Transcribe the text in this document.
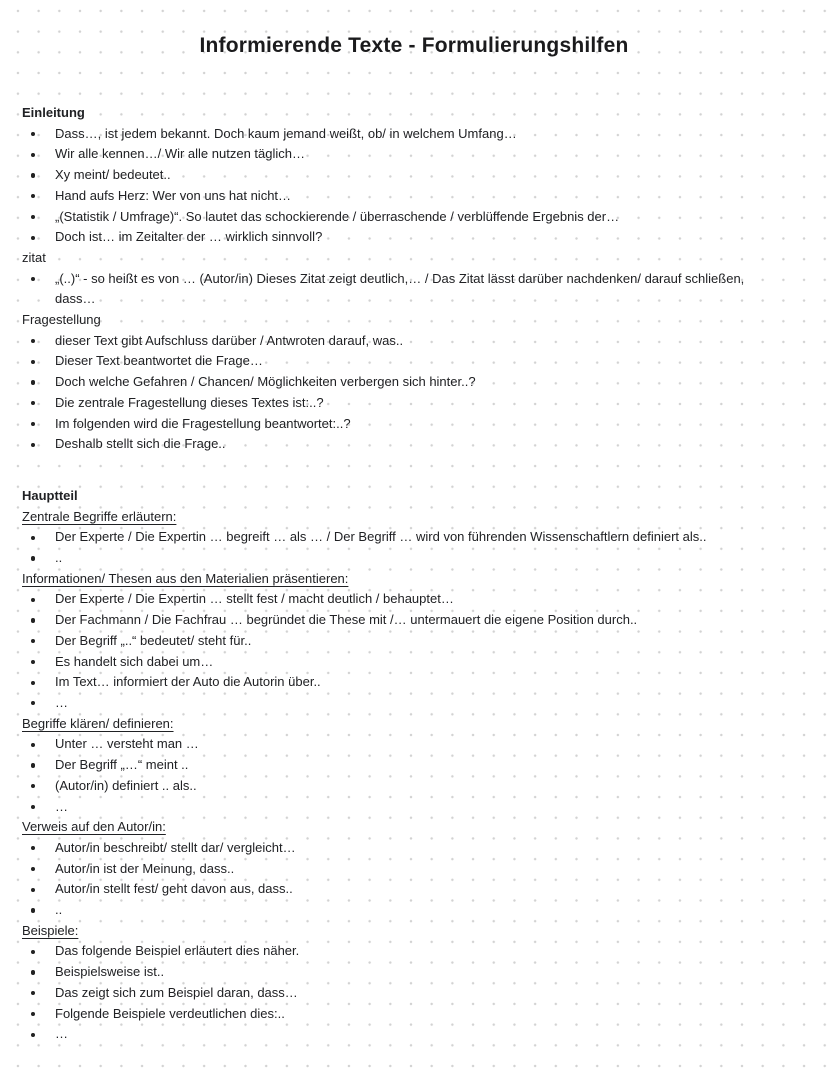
Informierende Texte - Formulierungshilfen
Einleitung
Dass…, ist jedem bekannt. Doch kaum jemand weißt, ob/ in welchem Umfang…
Wir alle kennen…/ Wir alle nutzen täglich…
Xy meint/ bedeutet..
Hand aufs Herz: Wer von uns hat nicht…
„(Statistik / Umfrage)“. So lautet das schockierende / überraschende / verblüffende Ergebnis der…
Doch ist… im Zeitalter der … wirklich sinnvoll?
zitat
„(..)“ - so heißt es von … (Autor/in) Dieses Zitat zeigt deutlich,… / Das Zitat lässt darüber nachdenken/ darauf schließen, dass…
Fragestellung
dieser Text gibt Aufschluss darüber / Antwroten darauf, was..
Dieser Text beantwortet die Frage…
Doch welche Gefahren / Chancen/ Möglichkeiten verbergen sich hinter..?
Die zentrale Fragestellung dieses Textes ist:..?
Im folgenden wird die Fragestellung beantwortet:..?
Deshalb stellt sich die Frage..
Hauptteil
Zentrale Begriffe erläutern:
Der Experte / Die Expertin … begreift … als … / Der Begriff … wird von führenden Wissenschaftlern definiert als..
..
Informationen/ Thesen aus den Materialien präsentieren:
Der Experte / Die Expertin … stellt fest / macht deutlich / behauptet…
Der Fachmann / Die Fachfrau … begründet die These mit /… untermauert die eigene Position durch..
Der Begriff „..“ bedeutet/ steht für..
Es handelt sich dabei um…
Im Text… informiert der Auto die Autorin über..
…
Begriffe klären/ definieren:
Unter … versteht man …
Der Begriff „…“ meint ..
(Autor/in) definiert .. als..
…
Verweis auf den Autor/in:
Autor/in beschreibt/ stellt dar/ vergleicht…
Autor/in ist der Meinung, dass..
Autor/in stellt fest/ geht davon aus, dass..
..
Beispiele:
Das folgende Beispiel erläutert dies näher.
Beispielsweise ist..
Das zeigt sich zum Beispiel daran, dass…
Folgende Beispiele verdeutlichen dies:..
…
